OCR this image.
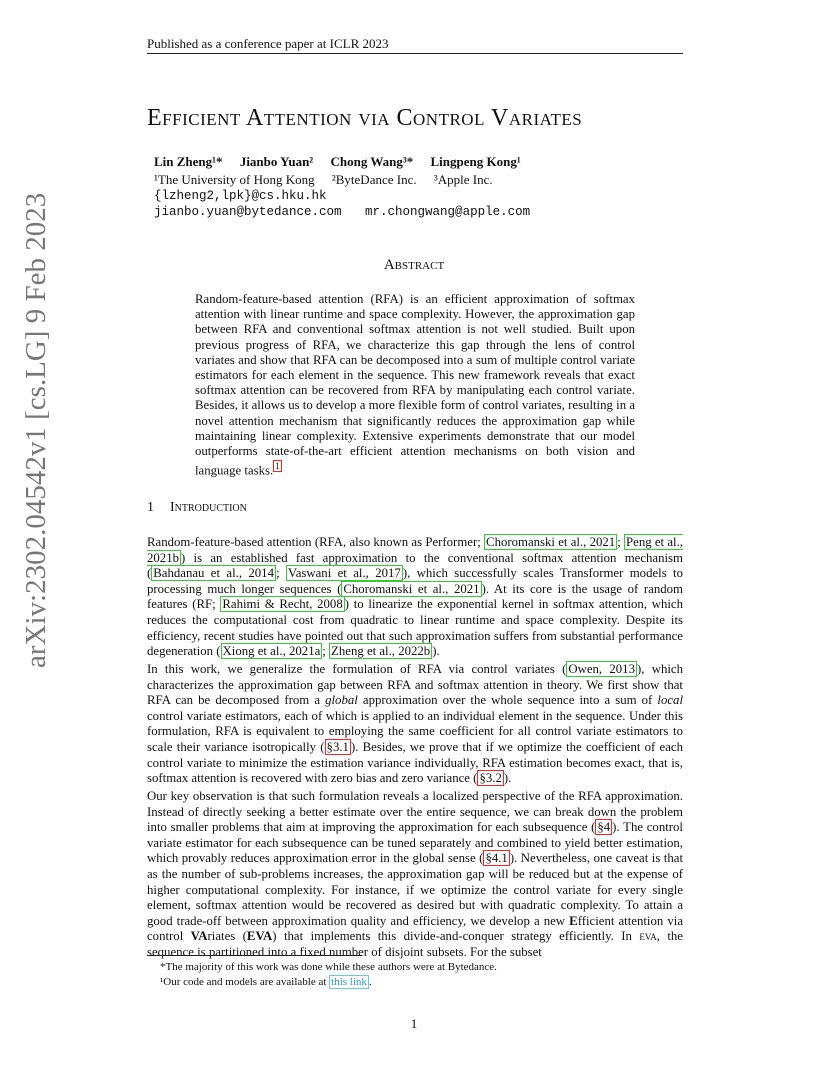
Published as a conference paper at ICLR 2023
Efficient Attention via Control Variates
Lin Zheng¹* Jianbo Yuan² Chong Wang³* Lingpeng Kong¹
¹The University of Hong Kong ²ByteDance Inc. ³Apple Inc.
{lzheng2,lpk}@cs.hku.hk
jianbo.yuan@bytedance.com mr.chongwang@apple.com
Abstract
Random-feature-based attention (RFA) is an efficient approximation of softmax attention with linear runtime and space complexity. However, the approximation gap between RFA and conventional softmax attention is not well studied. Built upon previous progress of RFA, we characterize this gap through the lens of control variates and show that RFA can be decomposed into a sum of multiple control variate estimators for each element in the sequence. This new framework reveals that exact softmax attention can be recovered from RFA by manipulating each control variate. Besides, it allows us to develop a more flexible form of control variates, resulting in a novel attention mechanism that significantly reduces the approximation gap while maintaining linear complexity. Extensive experiments demonstrate that our model outperforms state-of-the-art efficient attention mechanisms on both vision and language tasks. $^1$
arXiv:2302.04542v1 [cs.LG] 9 Feb 2023	1 Introduction
Random-feature-based attention (RFA, also known as Performer; Choromanski et al., 2021 ; Peng et al., 2021b ) is an established fast approximation to the conventional softmax attention mechanism ( Bahdanau et al., 2014 ; Vaswani et al., 2017 ), which successfully scales Transformer models to processing much longer sequences ( Choromanski et al., 2021 ). At its core is the usage of random features (RF; Rahimi & Recht, 2008 ) to linearize the exponential kernel in softmax attention, which reduces the computational cost from quadratic to linear runtime and space complexity. Despite its efficiency, recent studies have pointed out that such approximation suffers from substantial performance degeneration ( Xiong et al., 2021a ; Zheng et al., 2022b ).
In this work, we generalize the formulation of RFA via control variates ( Owen, 2013 ), which characterizes the approximation gap between RFA and softmax attention in theory. We first show that RFA can be decomposed from a global approximation over the whole sequence into a sum of local control variate estimators, each of which is applied to an individual element in the sequence. Under this formulation, RFA is equivalent to employing the same coefficient for all control variate estimators to scale their variance isotropically ( §3.1 ). Besides, we prove that if we optimize the coefficient of each control variate to minimize the estimation variance individually, RFA estimation becomes exact, that is, softmax attention is recovered with zero bias and zero variance ( §3.2 ).
Our key observation is that such formulation reveals a localized perspective of the RFA approximation. Instead of directly seeking a better estimate over the entire sequence, we can break down the problem into smaller problems that aim at improving the approximation for each subsequence ( §4 ). The control variate estimator for each subsequence can be tuned separately and combined to yield better estimation, which provably reduces approximation error in the global sense ( §4.1 ). Nevertheless, one caveat is that as the number of sub-problems increases, the approximation gap will be reduced but at the expense of higher computational complexity. For instance, if we optimize the control variate for every single element, softmax attention would be recovered as desired but with quadratic complexity. To attain a good trade-off between approximation quality and efficiency, we develop a new Efficient attention via control VAriates (EVA) that implements this divide-and-conquer strategy efficiently. In eva, the sequence is partitioned into a fixed number of disjoint subsets. For the subset
*The majority of this work was done while these authors were at Bytedance.
¹Our code and models are available at this link .
1
